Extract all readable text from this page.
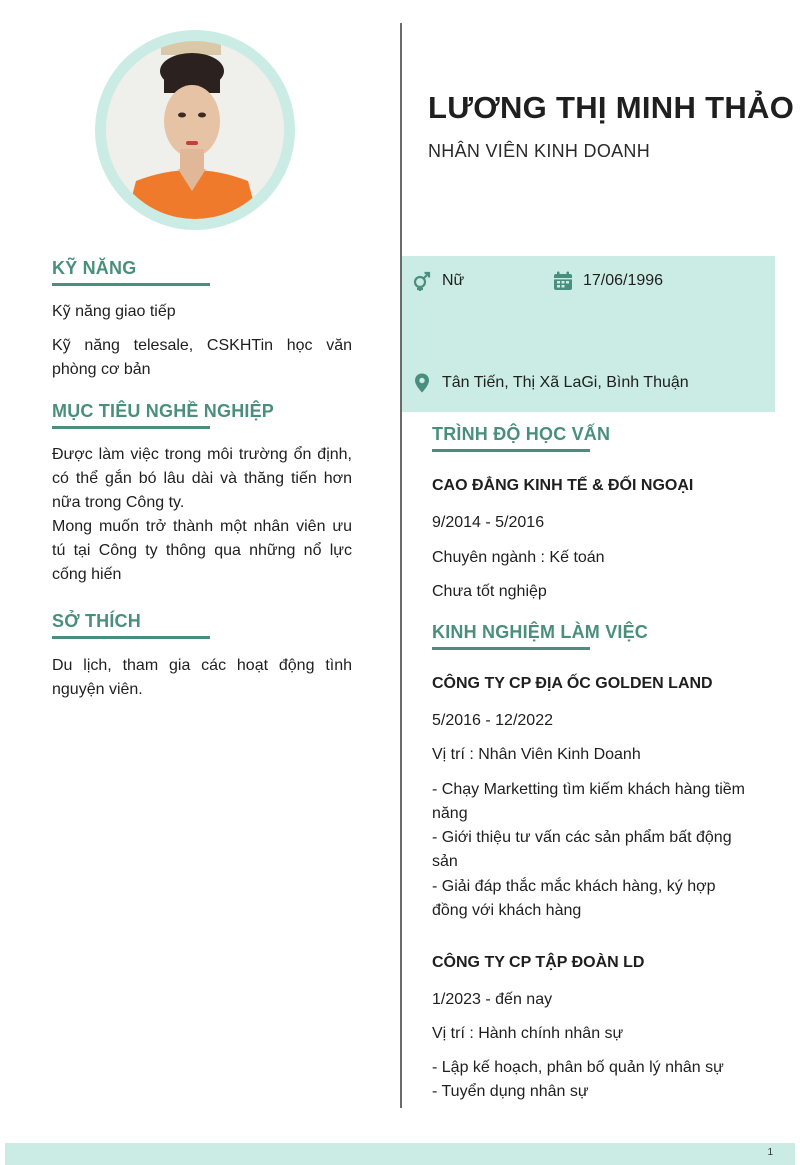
KỸ NĂNG
Kỹ năng giao tiếp
Kỹ năng telesale, CSKHTin học văn phòng cơ bản
MỤC TIÊU NGHỀ NGHIỆP
Được làm việc trong môi trường ổn định, có thể gắn bó lâu dài và thăng tiến hơn nữa trong Công ty.
Mong muốn trở thành một nhân viên ưu tú tại Công ty thông qua những nổ lực cống hiến
SỞ THÍCH
Du lịch, tham gia các hoạt động tình nguyện viên.
LƯƠNG THỊ MINH THẢO
NHÂN VIÊN KINH DOANH
Nữ	17/06/1996
Tân Tiến, Thị Xã LaGi, Bình Thuận
TRÌNH ĐỘ HỌC VẤN
CAO ĐẲNG KINH TẾ & ĐỐI NGOẠI
9/2014 - 5/2016
Chuyên ngành : Kế toán
Chưa tốt nghiệp
KINH NGHIỆM LÀM VIỆC
CÔNG TY CP ĐỊA ỐC GOLDEN LAND
5/2016 - 12/2022
Vị trí : Nhân Viên Kinh Doanh
- Chạy Marketting tìm kiếm khách hàng tiềm năng
- Giới thiệu tư vấn các sản phẩm bất động sản
- Giải đáp thắc mắc khách hàng, ký hợp đồng với khách hàng
CÔNG TY CP TẬP ĐOÀN LD
1/2023 - đến nay
Vị trí : Hành chính nhân sự
- Lập kế hoạch, phân bố quản lý nhân sự
- Tuyển dụng nhân sự
1
